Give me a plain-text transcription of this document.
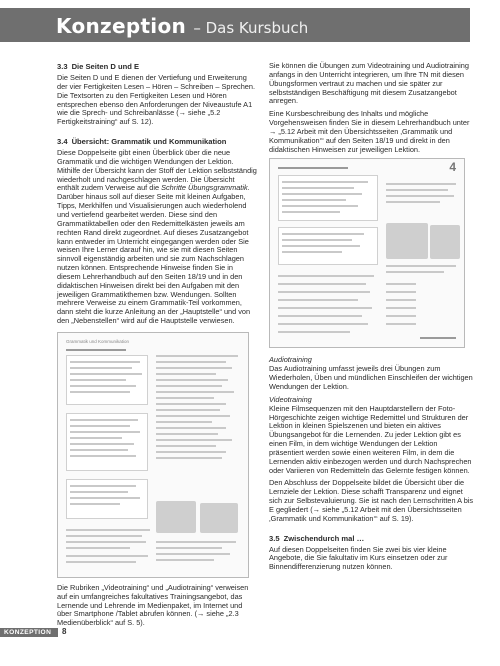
Konzeption – Das Kursbuch
3.3 Die Seiten D und E

Die Seiten D und E dienen der Vertiefung und Erweiterung der vier Fertigkeiten Lesen – Hören – Schreiben – Sprechen. Die Textsorten zu den Fertigkeiten Lesen und Hören entsprechen ebenso den Anforderungen der Niveaustufe A1 wie die Sprech- und Schreibanlässe (→ siehe „5.2 Fertigkeitstraining“ auf S. 12).

3.4 Übersicht: Grammatik und Kommunikation

Diese Doppelseite gibt einen Überblick über die neue Grammatik und die wichtigen Wendungen der Lektion. Mithilfe der Übersicht kann der Stoff der Lektion selbstständig wiederholt und nachgeschlagen werden. Die Übersicht enthält zudem Verweise auf die Schritte Übungsgrammatik.

Darüber hinaus soll auf dieser Seite mit kleinen Aufgaben, Tipps, Merkhilfen und Visualisierungen auch wiederholend und vertiefend gearbeitet werden. Diese sind den Grammatiktabellen oder den Redemittelkästen jeweils am rechten Rand direkt zugeordnet. Auf dieses Zusatzangebot kann entweder im Unterricht eingegangen werden oder Sie weisen Ihre Lerner darauf hin, wie sie mit diesen Seiten sinnvoll eigenständig arbeiten und sie zum Nachschlagen nutzen können. Entsprechende Hinweise finden Sie in diesem Lehrerhandbuch auf den Seiten 18/19 und in den didaktischen Hinweisen direkt bei den Aufgaben mit den jeweiligen Grammatikthemen bzw. Wendungen. Sollten mehrere Verweise zu einem Grammatik-Teil vorkommen, dann steht die kurze Anleitung an der „Hauptstelle“ und von den „Nebenstellen“ wird auf die Hauptstelle verwiesen.

Grammatik und Kommunikation

Die Rubriken „Videotraining“ und „Audiotraining“ verweisen auf ein umfangreiches fakultatives Trainingsangebot, das Lernende und Lehrende im Medienpaket, im Internet und über Smartphone /Tablet abrufen können. (→ siehe „2.3 Medienüberblick“ auf S. 5).

Sie können die Übungen zum Videotraining und Audiotraining anfangs in den Unterricht integrieren, um Ihre TN mit diesen Übungsformen vertraut zu machen und sie später zur selbstständigen Beschäftigung mit diesem Zusatzangebot anregen.

Eine Kursbeschreibung des Inhalts und mögliche Vorgehensweisen finden Sie in diesem Lehrerhandbuch unter → „5.12 Arbeit mit den Übersichtsseiten ‚Grammatik und Kommunikation‘“ auf den Seiten 18/19 und direkt in den didaktischen Hinweisen zur jeweiligen Lektion.

4

Audiotraining

Das Audiotraining umfasst jeweils drei Übungen zum Wiederholen, Üben und mündlichen Einschleifen der wichtigen Wendungen der Lektion.

Videotraining

Kleine Filmsequenzen mit den Hauptdarstellern der Foto-Hörgeschichte zeigen wichtige Redemittel und Strukturen der Lektion in kleinen Spielszenen und bieten ein aktives Übungsangebot für die Lernenden. Zu jeder Lektion gibt es einen Film, in dem wichtige Wendungen der Lektion präsentiert werden sowie einen weiteren Film, in dem die Lernenden aktiv einbezogen werden und durch Nachsprechen oder Variieren von Redemitteln das Gelernte festigen können.

Den Abschluss der Doppelseite bildet die Übersicht über die Lernziele der Lektion. Diese schafft Transparenz und eignet sich zur Selbstevaluierung. Sie ist nach den Lernschritten A bis E gegliedert (→ siehe „5.12 Arbeit mit den Übersichtsseiten ‚Grammatik und Kommunikation‘“ auf S. 19).

3.5 Zwischendurch mal …

Auf diesen Doppelseiten finden Sie zwei bis vier kleine Angebote, die Sie fakultativ im Kurs einsetzen oder zur Binnendifferenzierung nutzen können.

KONZEPTION 8
